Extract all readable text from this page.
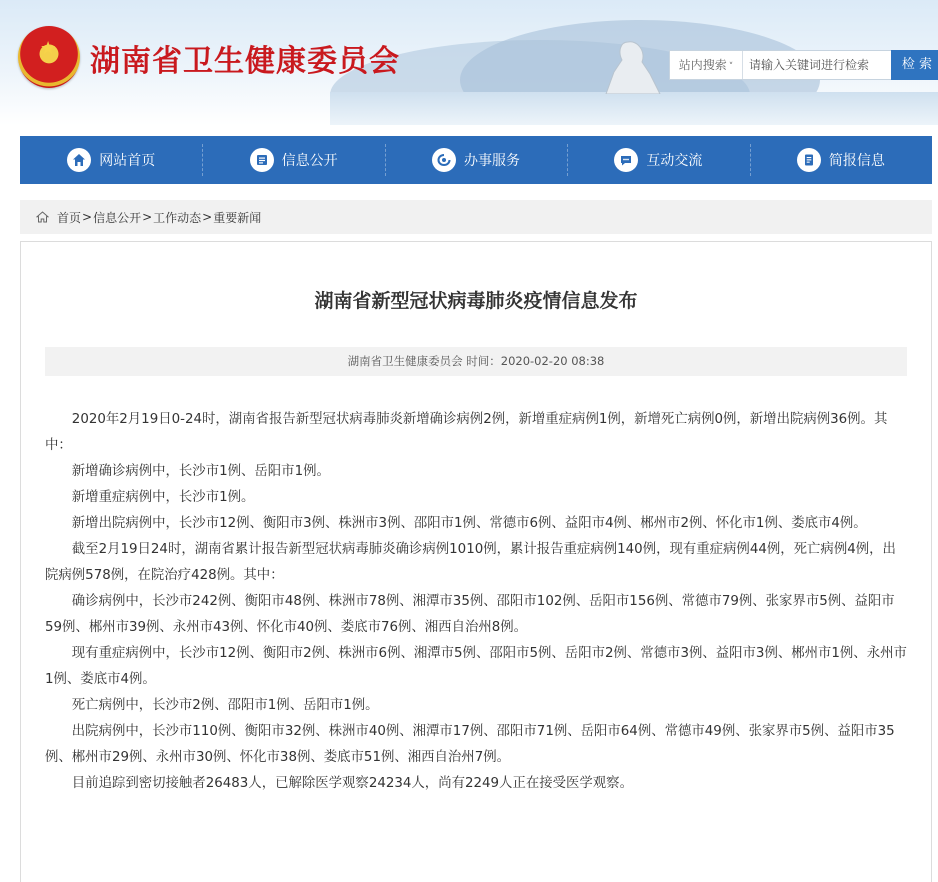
★ 湖南省卫生健康委员会	站内搜索 ˅
请输入关键词进行检索	检 索
网站首页	信息公开	办事服务	互动交流	简报信息
首页 > 信息公开 > 工作动态 > 重要新闻
湖南省新型冠状病毒肺炎疫情信息发布
湖南省卫生健康委员会 时间：2020-02-20 08:38

2020年2月19日0-24时，湖南省报告新型冠状病毒肺炎新增确诊病例2例，新增重症病例1例，新增死亡病例0例，新增出院病例36例。其中：

新增确诊病例中，长沙市1例、岳阳市1例。

新增重症病例中，长沙市1例。

新增出院病例中，长沙市12例、衡阳市3例、株洲市3例、邵阳市1例、常德市6例、益阳市4例、郴州市2例、怀化市1例、娄底市4例。

截至2月19日24时，湖南省累计报告新型冠状病毒肺炎确诊病例1010例，累计报告重症病例140例，现有重症病例44例，死亡病例4例，出院病例578例，在院治疗428例。其中：

确诊病例中，长沙市242例、衡阳市48例、株洲市78例、湘潭市35例、邵阳市102例、岳阳市156例、常德市79例、张家界市5例、益阳市59例、郴州市39例、永州市43例、怀化市40例、娄底市76例、湘西自治州8例。

现有重症病例中，长沙市12例、衡阳市2例、株洲市6例、湘潭市5例、邵阳市5例、岳阳市2例、常德市3例、益阳市3例、郴州市1例、永州市1例、娄底市4例。

死亡病例中，长沙市2例、邵阳市1例、岳阳市1例。

出院病例中，长沙市110例、衡阳市32例、株洲市40例、湘潭市17例、邵阳市71例、岳阳市64例、常德市49例、张家界市5例、益阳市35例、郴州市29例、永州市30例、怀化市38例、娄底市51例、湘西自治州7例。

目前追踪到密切接触者26483人，已解除医学观察24234人，尚有2249人正在接受医学观察。
